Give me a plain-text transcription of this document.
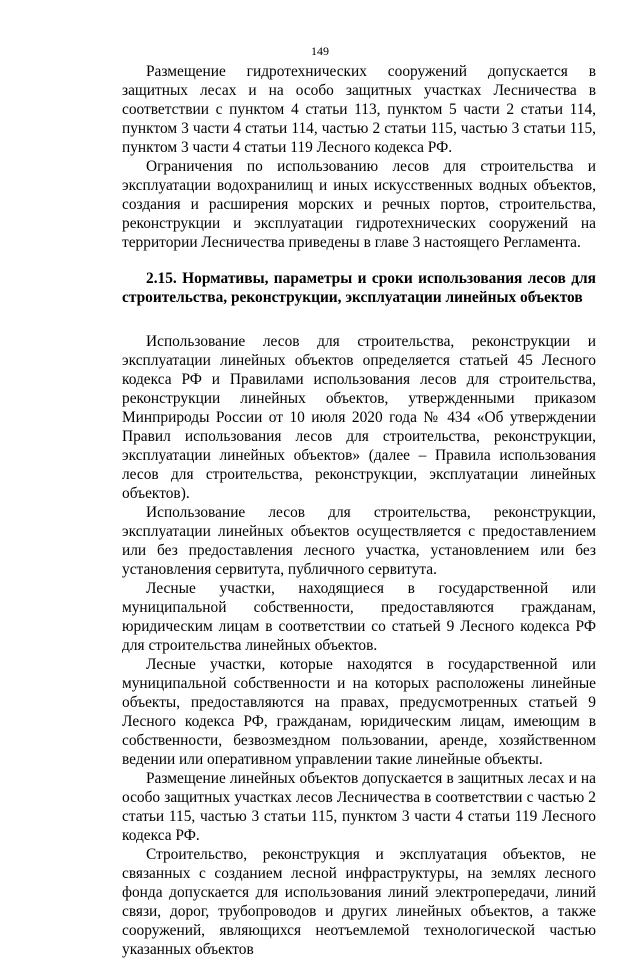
149

Размещение гидротехнических сооружений допускается в защитных лесах и на особо защитных участках Лесничества в соответствии с пунктом 4 статьи 113, пунктом 5 части 2 статьи 114, пунктом 3 части 4 статьи 114, частью 2 статьи 115, частью 3 статьи 115, пунктом 3 части 4 статьи 119 Лесного кодекса РФ.

Ограничения по использованию лесов для строительства и эксплуатации водохранилищ и иных искусственных водных объектов, создания и расширения морских и речных портов, строительства, реконструкции и эксплуатации гидротехнических сооружений на территории Лесничества приведены в главе 3 настоящего Регламента.

2.15. Нормативы, параметры и сроки использования лесов для строительства, реконструкции, эксплуатации линейных объектов

Использование лесов для строительства, реконструкции и эксплуатации линейных объектов определяется статьей 45 Лесного кодекса РФ и Правилами использования лесов для строительства, реконструкции линейных объектов, утвержденными приказом Минприроды России от 10 июля 2020 года № 434 «Об утверждении Правил использования лесов для строительства, реконструкции, эксплуатации линейных объектов» (далее – Правила использования лесов для строительства, реконструкции, эксплуатации линейных объектов).

Использование лесов для строительства, реконструкции, эксплуатации линейных объектов осуществляется с предоставлением или без предоставления лесного участка, установлением или без установления сервитута, публичного сервитута.

Лесные участки, находящиеся в государственной или муниципальной собственности, предоставляются гражданам, юридическим лицам в соответствии со статьей 9 Лесного кодекса РФ для строительства линейных объектов.

Лесные участки, которые находятся в государственной или муниципальной собственности и на которых расположены линейные объекты, предоставляются на правах, предусмотренных статьей 9 Лесного кодекса РФ, гражданам, юридическим лицам, имеющим в собственности, безвозмездном пользовании, аренде, хозяйственном ведении или оперативном управлении такие линейные объекты.

Размещение линейных объектов допускается в защитных лесах и на особо защитных участках лесов Лесничества в соответствии с частью 2 статьи 115, частью 3 статьи 115, пунктом 3 части 4 статьи 119 Лесного кодекса РФ.

Строительство, реконструкция и эксплуатация объектов, не связанных с созданием лесной инфраструктуры, на землях лесного фонда допускается для использования линий электропередачи, линий связи, дорог, трубопроводов и других линейных объектов, а также сооружений, являющихся неотъемлемой технологической частью указанных объектов
